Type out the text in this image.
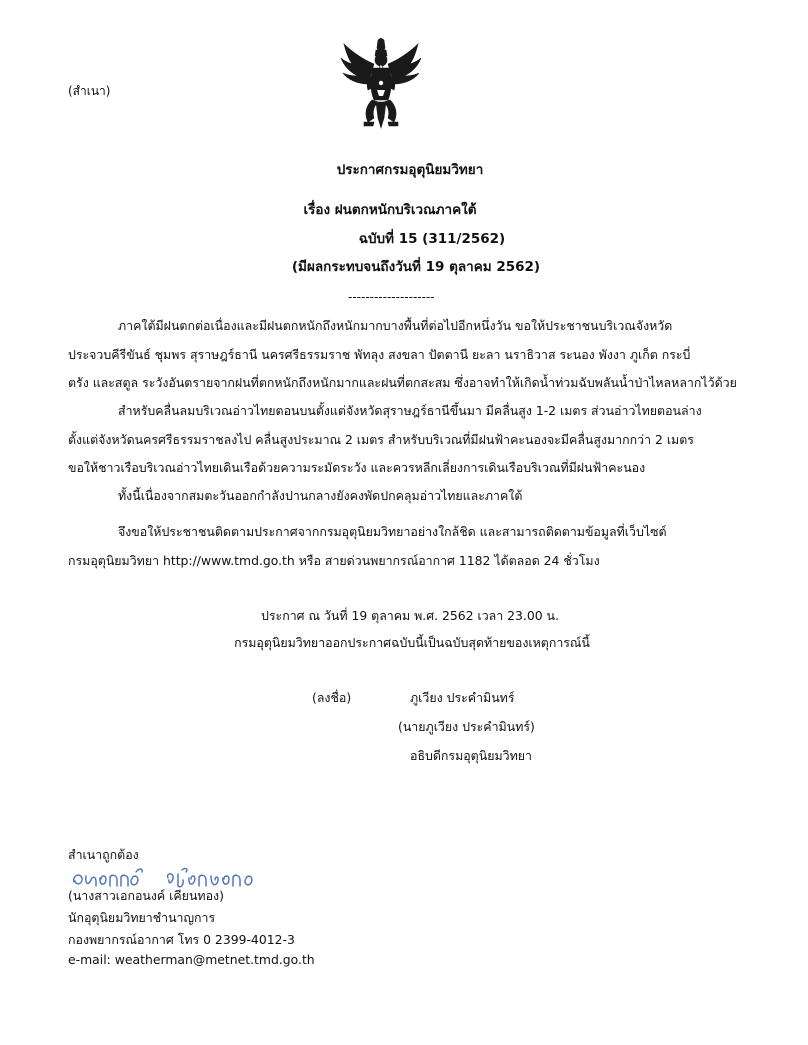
(สำเนา)
ประกาศกรมอุตุนิยมวิทยา
เรื่อง ฝนตกหนักบริเวณภาคใต้
ฉบับที่ 15 (311/2562)
(มีผลกระทบจนถึงวันที่ 19 ตุลาคม 2562)
--------------------
ภาคใต้มีฝนตกต่อเนื่องและมีฝนตกหนักถึงหนักมากบางพื้นที่ต่อไปอีกหนึ่งวัน ขอให้ประชาชนบริเวณจังหวัด
ประจวบคีรีขันธ์ ชุมพร สุราษฎร์ธานี นครศรีธรรมราช พัทลุง สงขลา ปัตตานี ยะลา นราธิวาส ระนอง พังงา ภูเก็ต กระบี่
ตรัง และสตูล ระวังอันตรายจากฝนที่ตกหนักถึงหนักมากและฝนที่ตกสะสม ซึ่งอาจทำให้เกิดน้ำท่วมฉับพลันน้ำป่าไหลหลากไว้ด้วย
สำหรับคลื่นลมบริเวณอ่าวไทยตอนบนตั้งแต่จังหวัดสุราษฎร์ธานีขึ้นมา มีคลื่นสูง 1-2 เมตร ส่วนอ่าวไทยตอนล่าง
ตั้งแต่จังหวัดนครศรีธรรมราชลงไป คลื่นสูงประมาณ 2 เมตร สำหรับบริเวณที่มีฝนฟ้าคะนองจะมีคลื่นสูงมากกว่า 2 เมตร
ขอให้ชาวเรือบริเวณอ่าวไทยเดินเรือด้วยความระมัดระวัง และควรหลีกเลี่ยงการเดินเรือบริเวณที่มีฝนฟ้าคะนอง
ทั้งนี้เนื่องจากสมตะวันออกกำลังปานกลางยังคงพัดปกคลุมอ่าวไทยและภาคใต้
จึงขอให้ประชาชนติดตามประกาศจากกรมอุตุนิยมวิทยาอย่างใกล้ชิด และสามารถติดตามข้อมูลที่เว็บไซต์
กรมอุตุนิยมวิทยา http://www.tmd.go.th หรือ สายด่วนพยากรณ์อากาศ 1182 ได้ตลอด 24 ชั่วโมง
ประกาศ ณ วันที่ 19 ตุลาคม พ.ศ. 2562 เวลา 23.00 น.
กรมอุตุนิยมวิทยาออกประกาศฉบับนี้เป็นฉบับสุดท้ายของเหตุการณ์นี้
(ลงชื่อ)	ภูเวียง ประคำมินทร์
(นายภูเวียง ประคำมินทร์)
อธิบดีกรมอุตุนิยมวิทยา
สำเนาถูกต้อง
(นางสาวเอกอนงค์ เคียนทอง)
นักอุตุนิยมวิทยาชำนาญการ
กองพยากรณ์อากาศ โทร 0 2399-4012-3
e-mail: weatherman@metnet.tmd.go.th
